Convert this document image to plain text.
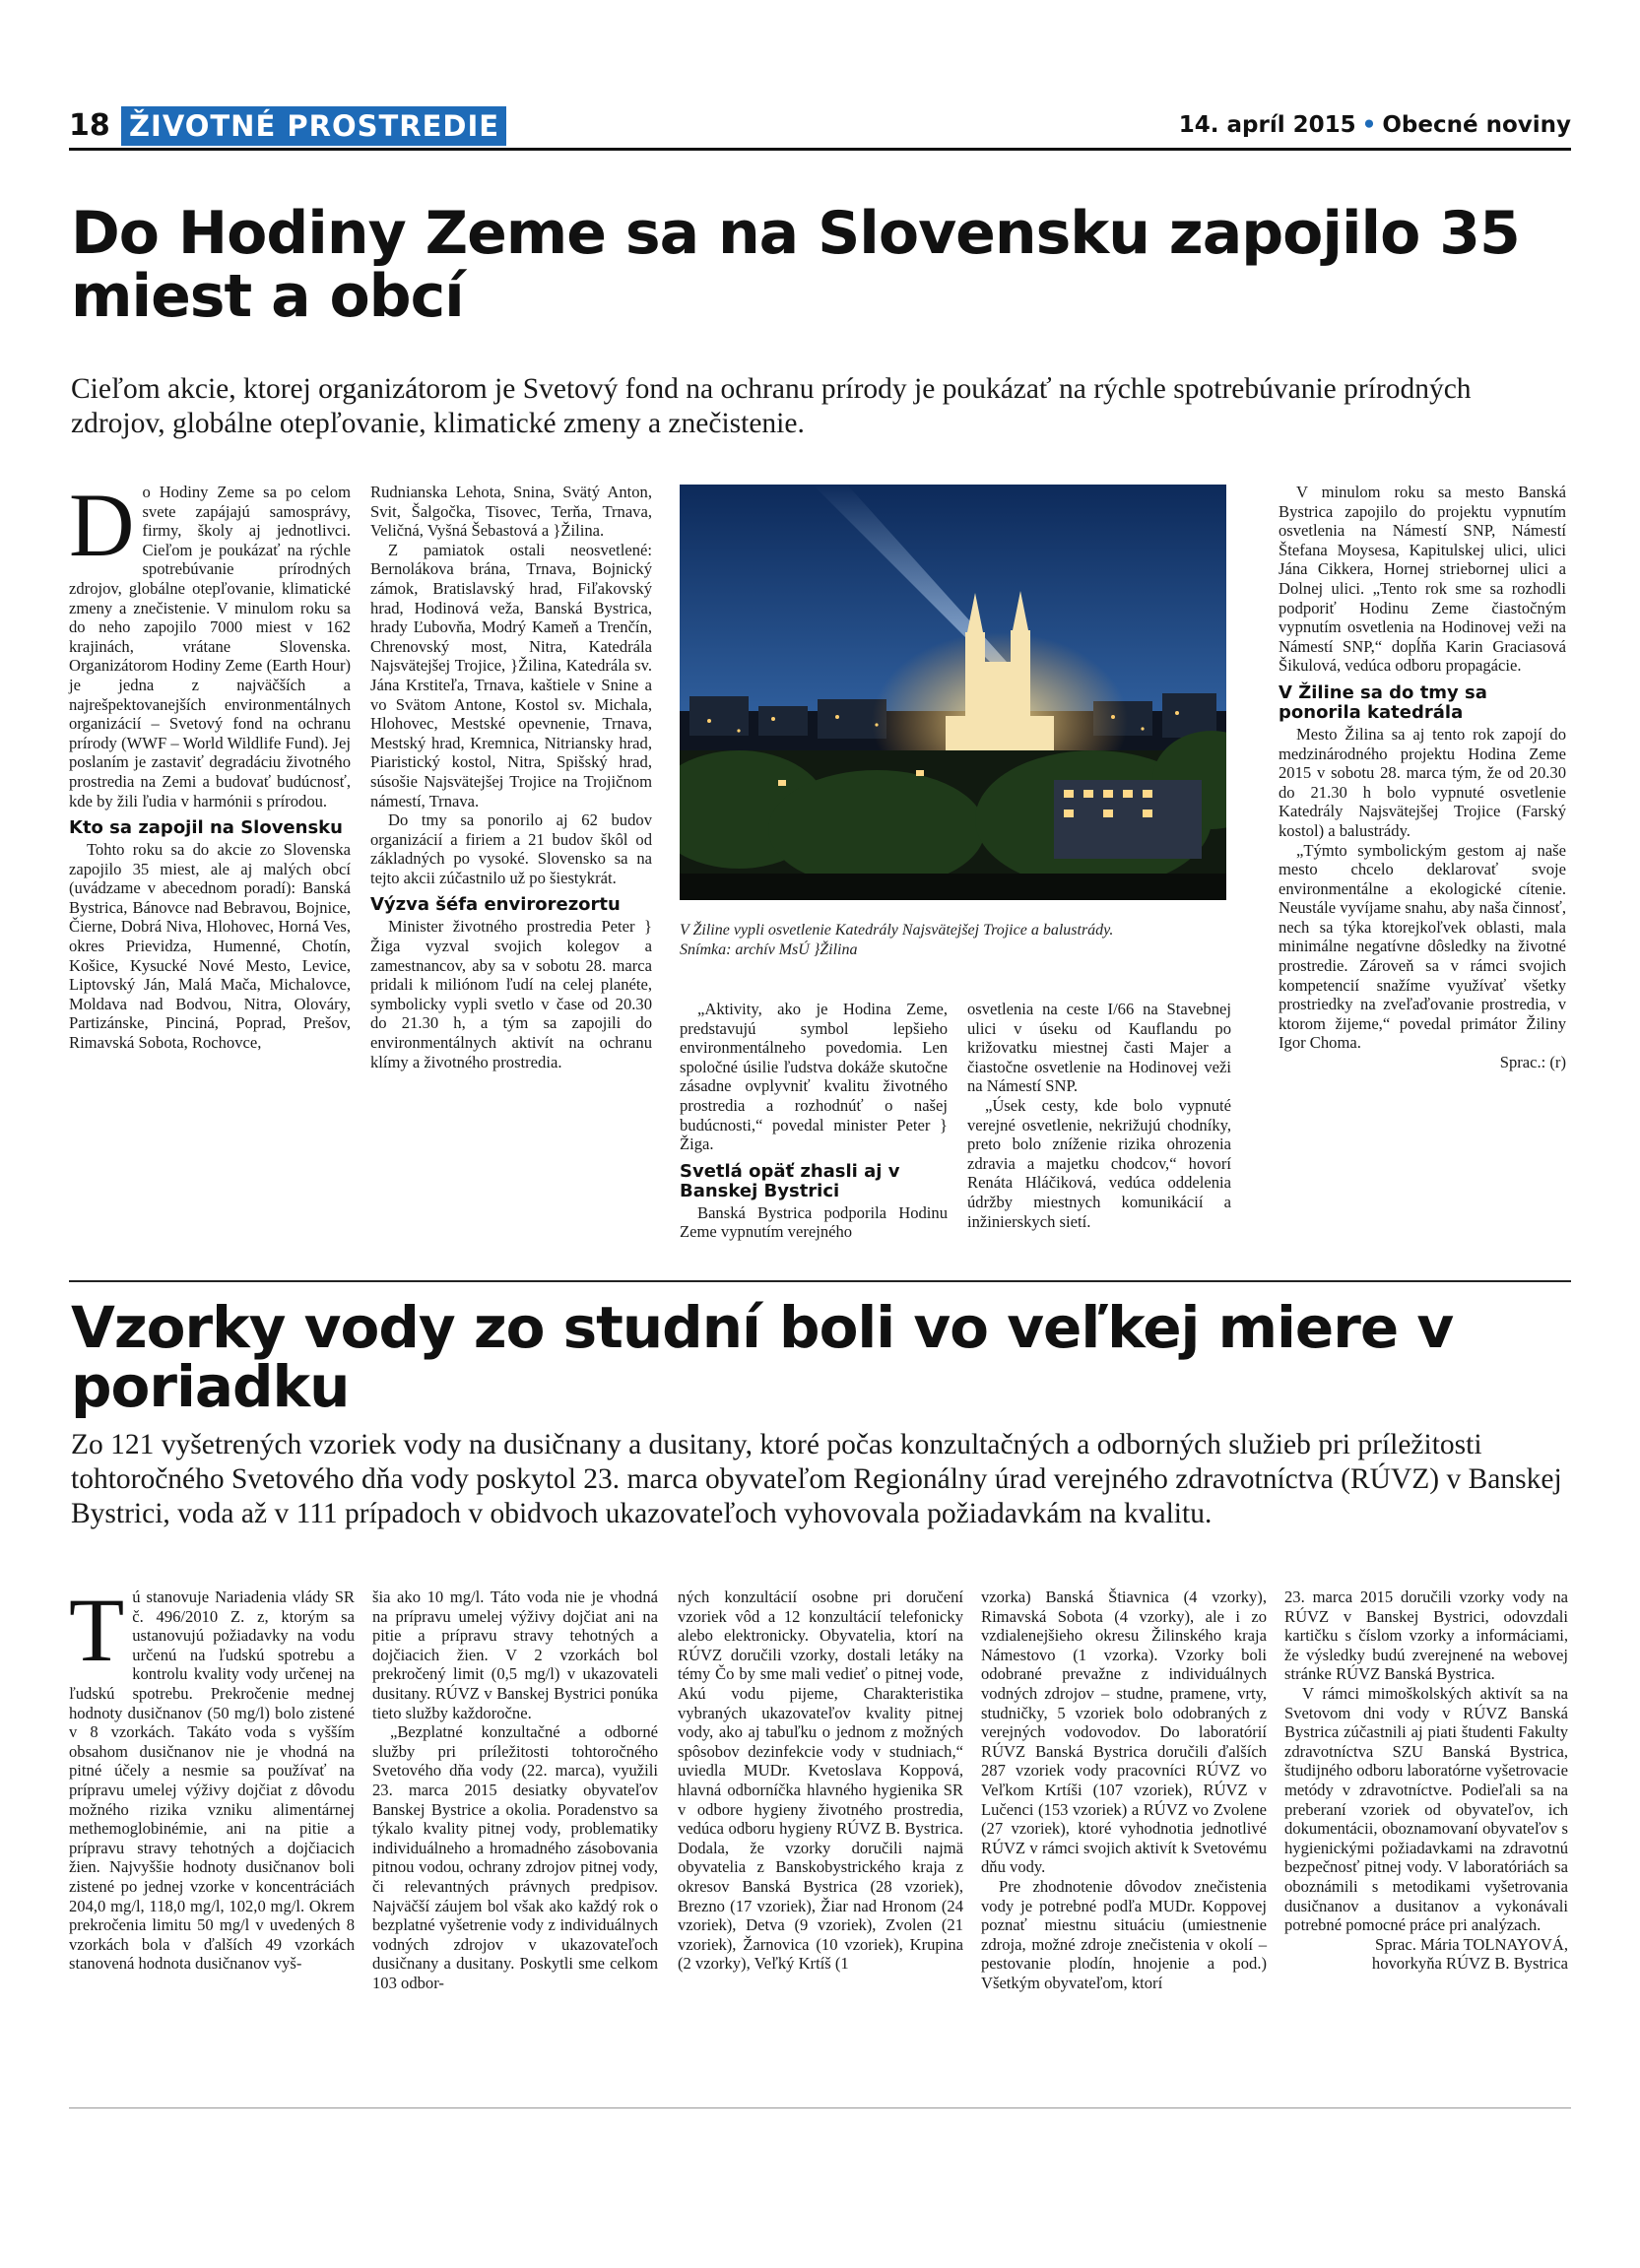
18 ŽIVOTNÉ PROSTREDIE	14. apríl 2015 • Obecné noviny
Do Hodiny Zeme sa na Slovensku zapojilo 35 miest a obcí
Cieľom akcie, ktorej organizátorom je Svetový fond na ochranu prírody je poukázať na rýchle spotrebúvanie prírodných zdrojov, globálne otepľovanie, klimatické zmeny a znečistenie.
D o Hodiny Zeme sa po celom svete zapájajú samosprávy, firmy, školy aj jednotlivci. Cieľom je poukázať na rýchle spotrebúvanie prírodných zdrojov, globálne otepľovanie, klimatické zmeny a znečistenie. V minulom roku sa do neho zapojilo 7000 miest v 162 krajinách, vrátane Slovenska. Organizátorom Hodiny Zeme (Earth Hour) je jedna z najväčších a najrešpektovanejších environmentálnych organizácií – Svetový fond na ochranu prírody (WWF – World Wildlife Fund). Jej poslaním je zastaviť degradáciu životného prostredia na Zemi a budovať budúcnosť, kde by žili ľudia v harmónii s prírodou.

Kto sa zapojil na Slovensku

Tohto roku sa do akcie zo Slovenska zapojilo 35 miest, ale aj malých obcí (uvádzame v abecednom poradí): Banská Bystrica, Bánovce nad Bebravou, Bojnice, Čierne, Dobrá Niva, Hlohovec, Horná Ves, okres Prievidza, Humenné, Chotín, Košice, Kysucké Nové Mesto, Levice, Liptovský Ján, Malá Mača, Michalovce, Moldava nad Bodvou, Nitra, Olováry, Partizánske, Pinciná, Poprad, Prešov, Rimavská Sobota, Rochovce,

Rudnianska Lehota, Snina, Svätý Anton, Svit, Šalgočka, Tisovec, Terňa, Trnava, Veličná, Vyšná Šebastová a }Žilina.

Z pamiatok ostali neosvetlené: Bernolákova brána, Trnava, Bojnický zámok, Bratislavský hrad, Fiľakovský hrad, Hodinová veža, Banská Bystrica, hrady Ľubovňa, Modrý Kameň a Trenčín, Chrenovský most, Nitra, Katedrála Najsvätejšej Trojice, }Žilina, Katedrála sv. Jána Krstiteľa, Trnava, kaštiele v Snine a vo Svätom Antone, Kostol sv. Michala, Hlohovec, Mestské opevnenie, Trnava, Mestský hrad, Kremnica, Nitriansky hrad, Piaristický kostol, Nitra, Spišský hrad, súsošie Najsvätejšej Trojice na Trojičnom námestí, Trnava.

Do tmy sa ponorilo aj 62 budov organizácií a firiem a 21 budov škôl od základných po vysoké. Slovensko sa na tejto akcii zúčastnilo už po šiestykrát.

Výzva šéfa envirorezortu

Minister životného prostredia Peter }Žiga vyzval svojich kolegov a zamestnancov, aby sa v sobotu 28. marca pridali k miliónom ľudí na celej planéte, symbolicky vypli svetlo v čase od 20.30 do 21.30 h, a tým sa zapojili do environmentálnych aktivít na ochranu klímy a životného prostredia.

V Žiline vypli osvetlenie Katedrály Najsvätejšej Trojice a balustrády.
Snímka: archív MsÚ }Žilina

„Aktivity, ako je Hodina Zeme, predstavujú symbol lepšieho environmentálneho povedomia. Len spoločné úsilie ľudstva dokáže skutočne zásadne ovplyvniť kvalitu životného prostredia a rozhodnúť o našej budúcnosti,“ povedal minister Peter }Žiga.

Svetlá opäť zhasli aj v Banskej Bystrici

Banská Bystrica podporila Hodinu Zeme vypnutím verejného

osvetlenia na ceste I/66 na Stavebnej ulici v úseku od Kauflandu po križovatku miestnej časti Majer a čiastočne osvetlenie na Hodinovej veži na Námestí SNP.

„Úsek cesty, kde bolo vypnuté verejné osvetlenie, nekrižujú chodníky, preto bolo zníženie rizika ohrozenia zdravia a majetku chodcov,“ hovorí Renáta Hláčiková, vedúca oddelenia údržby miestnych komunikácií a inžinierskych sietí.

V minulom roku sa mesto Banská Bystrica zapojilo do projektu vypnutím osvetlenia na Námestí SNP, Námestí Štefana Moysesa, Kapitulskej ulici, ulici Jána Cikkera, Hornej striebornej ulici a Dolnej ulici. „Tento rok sme sa rozhodli podporiť Hodinu Zeme čiastočným vypnutím osvetlenia na Hodinovej veži na Námestí SNP,“ dopĺňa Karin Graciasová Šikulová, vedúca odboru propagácie.

V Žiline sa do tmy sa ponorila katedrála

Mesto Žilina sa aj tento rok zapojí do medzinárodného projektu Hodina Zeme 2015 v sobotu 28. marca tým, že od 20.30 do 21.30 h bolo vypnuté osvetlenie Katedrály Najsvätejšej Trojice (Farský kostol) a balustrády.

„Týmto symbolickým gestom aj naše mesto chcelo deklarovať svoje environmentálne a ekologické cítenie. Neustále vyvíjame snahu, aby naša činnosť, nech sa týka ktorejkoľvek oblasti, mala minimálne negatívne dôsledky na životné prostredie. Zároveň sa v rámci svojich kompetencií snažíme využívať všetky prostriedky na zveľaďovanie prostredia, v ktorom žijeme,“ povedal primátor Žiliny Igor Choma.

Sprac.: (r)
Vzorky vody zo studní boli vo veľkej miere v poriadku
Zo 121 vyšetrených vzoriek vody na dusičnany a dusitany, ktoré počas konzultačných a odborných služieb pri príležitosti tohtoročného Svetového dňa vody poskytol 23. marca obyvateľom Regionálny úrad verejného zdravotníctva (RÚVZ) v Banskej Bystrici, voda až v 111 prípadoch v obidvoch ukazovateľoch vyhovovala požiadavkám na kvalitu.
T ú stanovuje Nariadenia vlády SR č. 496/2010 Z. z, ktorým sa ustanovujú požiadavky na vodu určenú na ľudskú spotrebu a kontrolu kvality vody určenej na ľudskú spotrebu. Prekročenie mednej hodnoty dusičnanov (50 mg/l) bolo zistené v 8 vzorkách. Takáto voda s vyšším obsahom dusičnanov nie je vhodná na pitné účely a nesmie sa používať na prípravu umelej výživy dojčiat z dôvodu možného rizika vzniku alimentárnej methemoglobinémie, ani na pitie a prípravu stravy tehotných a dojčiacich žien. Najvyššie hodnoty dusičnanov boli zistené po jednej vzorke v koncentráciách 204,0 mg/l, 118,0 mg/l, 102,0 mg/l. Okrem prekročenia limitu 50 mg/l v uvedených 8 vzorkách bola v ďalších 49 vzorkách stanovená hodnota dusičnanov vyš-

šia ako 10 mg/l. Táto voda nie je vhodná na prípravu umelej výživy dojčiat ani na pitie a prípravu stravy tehotných a dojčiacich žien. V 2 vzorkách bol prekročený limit (0,5 mg/l) v ukazovateli dusitany. RÚVZ v Banskej Bystrici ponúka tieto služby každoročne.

„Bezplatné konzultačné a odborné služby pri príležitosti tohtoročného Svetového dňa vody (22. marca), využili 23. marca 2015 desiatky obyvateľov Banskej Bystrice a okolia. Poradenstvo sa týkalo kvality pitnej vody, problematiky individuálneho a hromadného zásobovania pitnou vodou, ochrany zdrojov pitnej vody, či relevantných právnych predpisov. Najväčší záujem bol však ako každý rok o bezplatné vyšetrenie vody z individuálnych vodných zdrojov v ukazovateľoch dusičnany a dusitany. Poskytli sme celkom 103 odbor-

ných konzultácií osobne pri doručení vzoriek vôd a 12 konzultácií telefonicky alebo elektronicky. Obyvatelia, ktorí na RÚVZ doručili vzorky, dostali letáky na témy Čo by sme mali vedieť o pitnej vode, Akú vodu pijeme, Charakteristika vybraných ukazovateľov kvality pitnej vody, ako aj tabuľku o jednom z možných spôsobov dezinfekcie vody v studniach,“ uviedla MUDr. Kvetoslava Koppová, hlavná odborníčka hlavného hygienika SR v odbore hygieny životného prostredia, vedúca odboru hygieny RÚVZ B. Bystrica. Dodala, že vzorky doručili najmä obyvatelia z Banskobystrického kraja z okresov Banská Bystrica (28 vzoriek), Brezno (17 vzoriek), Žiar nad Hronom (24 vzoriek), Detva (9 vzoriek), Zvolen (21 vzoriek), Žarnovica (10 vzoriek), Krupina (2 vzorky), Veľký Krtíš (1

vzorka) Banská Štiavnica (4 vzorky), Rimavská Sobota (4 vzorky), ale i zo vzdialenejšieho okresu Žilinského kraja Námestovo (1 vzorka). Vzorky boli odobrané prevažne z individuálnych vodných zdrojov – studne, pramene, vrty, studničky, 5 vzoriek bolo odobraných z verejných vodovodov. Do laboratórií RÚVZ Banská Bystrica doručili ďalších 287 vzoriek vody pracovníci RÚVZ vo Veľkom Krtíši (107 vzoriek), RÚVZ v Lučenci (153 vzoriek) a RÚVZ vo Zvolene (27 vzoriek), ktoré vyhodnotia jednotlivé RÚVZ v rámci svojich aktivít k Svetovému dňu vody.

Pre zhodnotenie dôvodov znečistenia vody je potrebné podľa MUDr. Koppovej poznať miestnu situáciu (umiestnenie zdroja, možné zdroje znečistenia v okolí – pestovanie plodín, hnojenie a pod.) Všetkým obyvateľom, ktorí

23. marca 2015 doručili vzorky vody na RÚVZ v Banskej Bystrici, odovzdali kartičku s číslom vzorky a informáciami, že výsledky budú zverejnené na webovej stránke RÚVZ Banská Bystrica.

V rámci mimoškolských aktivít sa na Svetovom dni vody v RÚVZ Banská Bystrica zúčastnili aj piati študenti Fakulty zdravotníctva SZU Banská Bystrica, študijného odboru laboratórne vyšetrovacie metódy v zdravotníctve. Podieľali sa na preberaní vzoriek od obyvateľov, ich dokumentácii, oboznamovaní obyvateľov s hygienickými požiadavkami na zdravotnú bezpečnosť pitnej vody. V laboratóriách sa oboznámili s metodikami vyšetrovania dusičnanov a dusitanov a vykonávali potrebné pomocné práce pri analýzach.

Sprac. Mária TOLNAYOVÁ,
hovorkyňa RÚVZ B. Bystrica
